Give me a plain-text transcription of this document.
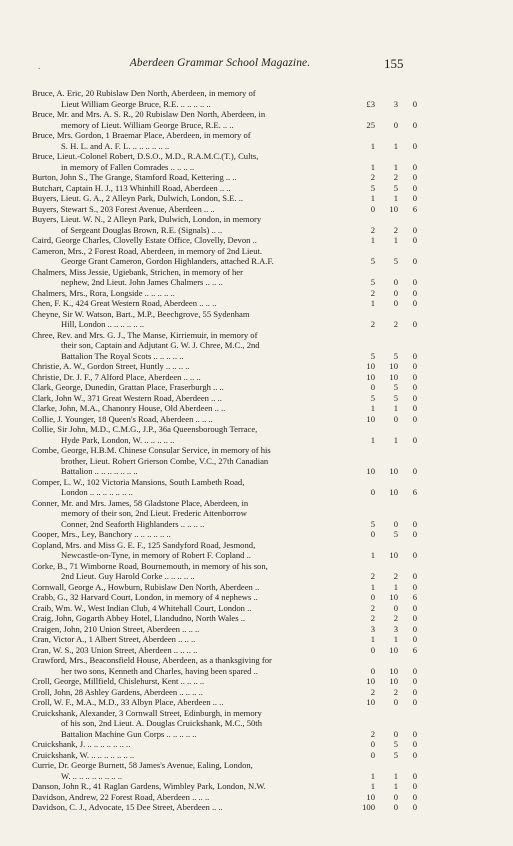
.	Aberdeen Grammar School Magazine.	155
Bruce, A. Eric, 20 Rubislaw Den North, Aberdeen, in memory of
Lieut William George Bruce, R.E. .. .. .. .. ..	£3	3	0
Bruce, Mr. and Mrs. A. S. R., 20 Rubislaw Den North, Aberdeen, in
memory of Lieut. William George Bruce, R.E. .. ..	25	0	0
Bruce, Mrs. Gordon, 1 Braemar Place, Aberdeen, in memory of
S. H. L. and A. F. L. .. .. .. .. .. ..	1	1	0
Bruce, Lieut.-Colonel Robert, D.S.O., M.D., R.A.M.C.(T.), Cults,
in memory of Fallen Comrades .. .. .. ..	1	1	0
Burton, John S., The Grange, Stamford Road, Kettering .. ..	2	2	0
Butchart, Captain H. J., 113 Whinhill Road, Aberdeen .. ..	5	5	0
Buyers, Lieut. G. A., 2 Alleyn Park, Dulwich, London, S.E. ..	1	1	0
Buyers, Stewart S., 203 Forest Avenue, Aberdeen .. ..	0	10	6
Buyers, Lieut. W. N., 2 Alleyn Park, Dulwich, London, in memory
of Sergeant Douglas Brown, R.E. (Signals) .. ..	2	2	0
Caird, George Charles, Clovelly Estate Office, Clovelly, Devon ..	1	1	0
Cameron, Mrs., 2 Forest Road, Aberdeen, in memory of 2nd Lieut.
George Grant Cameron, Gordon Highlanders, attached R.A.F.	5	5	0
Chalmers, Miss Jessie, Ugiebank, Strichen, in memory of her
nephew, 2nd Lieut. John James Chalmers .. .. ..	5	0	0
Chalmers, Mrs., Rora, Longside .. .. .. .. ..	2	0	0
Chen, F. K., 424 Great Western Road, Aberdeen .. .. ..	1	0	0
Cheyne, Sir W. Watson, Bart., M.P., Beechgrove, 55 Sydenham
Hill, London .. .. .. .. .. ..	2	2	0
Chree, Rev. and Mrs. G. J., The Manse, Kirriemuir, in memory of
their son, Captain and Adjutant G. W. J. Chree, M.C., 2nd
Battalion The Royal Scots .. .. .. .. ..	5	5	0
Christie, A. W., Gordon Street, Huntly .. .. .. ..	10	10	0
Christie, Dr. J. F., 7 Alford Place, Aberdeen .. .. ..	10	10	0
Clark, George, Dunedin, Grattan Place, Fraserburgh .. ..	0	5	0
Clark, John W., 371 Great Western Road, Aberdeen .. ..	5	5	0
Clarke, John, M.A., Chanonry House, Old Aberdeen .. ..	1	1	0
Collie, J. Younger, 18 Queen's Road, Aberdeen .. .. ..	10	0	0
Collie, Sir John, M.D., C.M.G., J.P., 36a Queensborough Terrace,
Hyde Park, London, W. .. .. .. .. ..	1	1	0
Combe, George, H.B.M. Chinese Consular Service, in memory of his
brother, Lieut. Robert Grierson Combe, V.C., 27th Canadian
Battalion .. .. .. .. .. .. ..	10	10	0
Comper, L. W., 102 Victoria Mansions, South Lambeth Road,
London .. .. .. .. .. .. ..	0	10	6
Conner, Mr. and Mrs. James, 58 Gladstone Place, Aberdeen, in
memory of their son, 2nd Lieut. Frederic Attenborrow
Conner, 2nd Seaforth Highlanders .. .. .. ..	5	0	0
Cooper, Mrs., Ley, Banchory .. .. .. .. .. ..	0	5	0
Copland, Mrs. and Miss G. E. F., 125 Sandyford Road, Jesmond,
Newcastle-on-Tyne, in memory of Robert F. Copland ..	1	10	0
Corke, B., 71 Wimborne Road, Bournemouth, in memory of his son,
2nd Lieut. Guy Harold Corke .. .. .. .. ..	2	2	0
Cornwall, George A., Howburn, Rubislaw Den North, Aberdeen ..	1	1	0
Crabb, G., 32 Harvard Court, London, in memory of 4 nephews ..	0	10	6
Craib, Wm. W., West Indian Club, 4 Whitehall Court, London ..	2	0	0
Craig, John, Gogarth Abbey Hotel, Llandudno, North Wales ..	2	2	0
Craigen, John, 210 Union Street, Aberdeen .. .. ..	3	3	0
Cran, Victor A., 1 Albert Street, Aberdeen .. .. ..	1	1	0
Cran, W. S., 203 Union Street, Aberdeen .. .. .. ..	0	10	6
Crawford, Mrs., Beaconsfield House, Aberdeen, as a thanksgiving for
her two sons, Kenneth and Charles, having been spared ..	0	10	0
Croll, George, Millfield, Chislehurst, Kent .. .. .. ..	10	10	0
Croll, John, 28 Ashley Gardens, Aberdeen .. .. .. ..	2	2	0
Croll, W. F., M.A., M.D., 33 Albyn Place, Aberdeen .. ..	10	0	0
Cruickshank, Alexander, 3 Cornwall Street, Edinburgh, in memory
of his son, 2nd Lieut. A. Douglas Cruickshank, M.C., 50th
Battalion Machine Gun Corps .. .. .. .. ..	2	0	0
Cruickshank, J. .. .. .. .. .. .. ..	0	5	0
Cruickshank, W. .. .. .. .. .. .. ..	0	5	0
Currie, Dr. George Burnett, 58 James's Avenue, Ealing, London,
W. .. .. .. .. .. .. .. ..	1	1	0
Danson, John R., 41 Raglan Gardens, Wimbley Park, London, N.W.	1	1	0
Davidson, Andrew, 22 Forest Road, Aberdeen .. .. ..	10	0	0
Davidson, C. J., Advocate, 15 Dee Street, Aberdeen .. ..	100	0	0
